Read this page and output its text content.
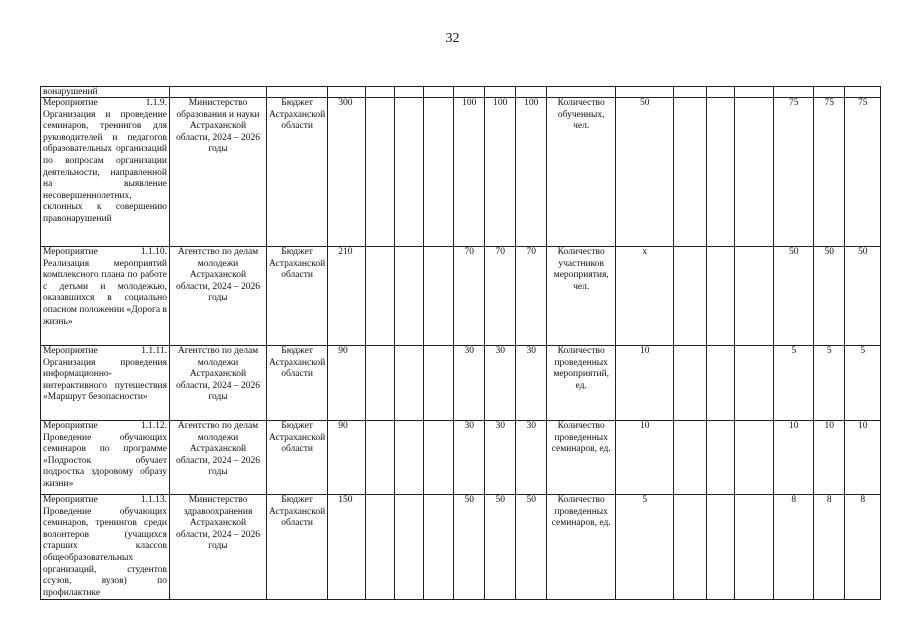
32
вонарушений																	
Мероприятие 1.1.9. Организация и проведение семинаров, тренингов для руководителей и педагогов образовательных организаций по вопросам организации деятельности, направленной на выявление несовершеннолетних, склонных к совершению правонарушений	Министерство образования и науки Астраханской области, 2024 – 2026 годы	Бюджет Астраханской области	300				100	100	100	Количество обученных, чел.	50				75	75	75
Мероприятие 1.1.10. Реализация мероприятий комплексного плана по работе с детьми и молодежью, оказавшихся в социально опасном положении «Дорога в жизнь»	Агентство по делам молодежи Астраханской области, 2024 – 2026 годы	Бюджет Астраханской области	210				70	70	70	Количество участников мероприятия, чел.	х				50	50	50
Мероприятие 1.1.11. Организация проведения информационно-интерактивного путешествия «Маршрут безопасности»	Агентство по делам молодежи Астраханской области, 2024 – 2026 годы	Бюджет Астраханской области	90				30	30	30	Количество проведенных мероприятий, ед.	10				5	5	5
Мероприятие 1.1.12. Проведение обучающих семинаров по программе «Подросток обучает подростка здоровому образу жизни»	Агентство по делам молодежи Астраханской области, 2024 – 2026 годы	Бюджет Астраханской области	90				30	30	30	Количество проведенных семинаров, ед.	10				10	10	10
Мероприятие 1.1.13. Проведение обучающих семинаров, тренингов среди волонтеров (учащихся старших классов общеобразовательных организаций, студентов ссузов, вузов) по профилактике	Министерство здравоохранения Астраханской области, 2024 – 2026 годы	Бюджет Астраханской области	150				50	50	50	Количество проведенных семинаров, ед.	5				8	8	8
